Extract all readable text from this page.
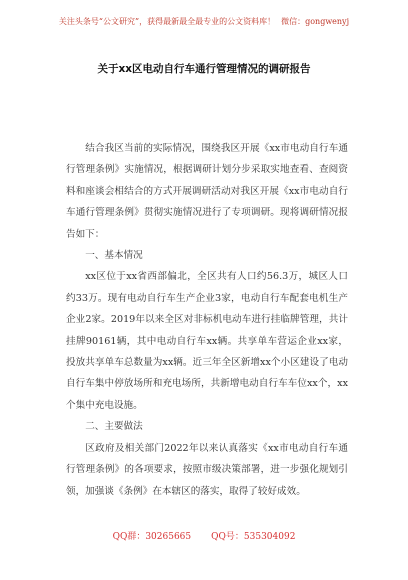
关注头条号“公文研究”，获得最新最全最专业的公文资料库！ 微信：gongwenyj
关于xx区电动自行车通行管理情况的调研报告

结合我区当前的实际情况，围绕我区开展《xx市电动自行车通行管理条例》实施情况，根据调研计划分步采取实地查看、查阅资料和座谈会相结合的方式开展调研活动对我区开展《xx市电动自行车通行管理条例》贯彻实施情况进行了专项调研。现将调研情况报告如下：

一、基本情况

xx区位于xx省西部偏北，全区共有人口约56.3万，城区人口约33万。现有电动自行车生产企业3家，电动自行车配套电机生产企业2家。2019年以来全区对非标机电动车进行挂临牌管理，共计挂牌90161辆，其中电动自行车xx辆。共享单车营运企业xx家，投放共享单车总数量为xx辆。近三年全区新增xx个小区建设了电动自行车集中停放场所和充电场所，共新增电动自行车车位xx个，xx个集中充电设施。

二、主要做法

区政府及相关部门2022年以来认真落实《xx市电动自行车通行管理条例》的各项要求，按照市级决策部署，进一步强化规划引领，加强谈《条例》在本辖区的落实，取得了较好成效。

QQ群：30265665 QQ号：535304092
